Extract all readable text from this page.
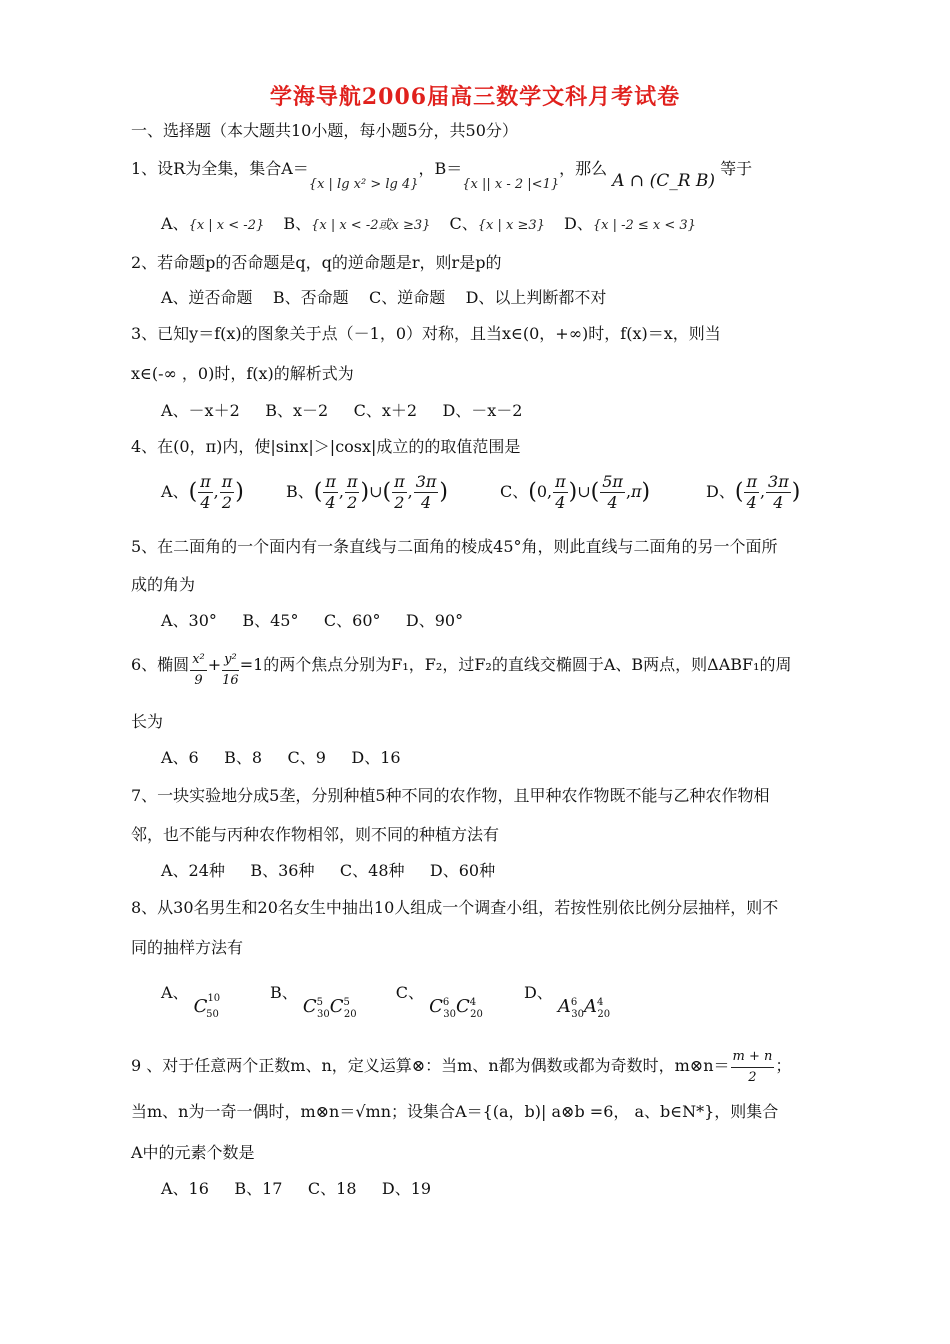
学海导航2006届高三数学文科月考试卷
一、选择题（本大题共10小题，每小题5分，共50分）
1、设R为全集，集合$A=_{\{x | lg x^2 > lg 4\}}$，$B=_{\{x || x - 2 |<1\}}$，那么 A ∩ (C_R B) 等于
A、{x | x < -2} B、{x | x < -2或x ≥3} C、{x | x ≥3} D、{x | -2 ≤ x < 3}
2、若命题p的否命题是q，q的逆命题是r，则r是p的
A、逆否命题    B、否命题    C、逆命题    D、以上判断都不对
3、已知y＝f(x)的图象关于点（－1，0）对称，且当x∈(0，+∞)时，f(x)＝x，则当
x∈(-∞ ，0)时，f(x)的解析式为
A、－x＋2     B、x－2     C、x＋2     D、－x－2
4、在(0，π)内，使|sinx|＞|cosx|成立的的取值范围是
A、( $\frac{\pi}{4}$ , $\frac{\pi}{2}$ )	B、( $\frac{\pi}{4}$ , $\frac{\pi}{2}$ )∪( $\frac{\pi}{2}$ , $\frac{3\pi}{4}$ )	C、(0, $\frac{\pi}{4}$ )∪( $\frac{5\pi}{4} ,\pi$)	D、( $\frac{\pi}{4}$ , $\frac{3\pi}{4}$ )
5、在二面角的一个面内有一条直线与二面角的棱成45°角，则此直线与二面角的另一个面所
成的角为
A、30°     B、45°     C、60°     D、90°
6、椭圆 $\frac{\text{x²}}{9} + \frac{\text{y²}}{16} =1$的两个焦点分别为F₁，F₂，过F₂的直线交椭圆于A、B两点，则ΔABF₁的周
长为
A、6     B、8     C、9     D、16
7、一块实验地分成5垄，分别种植5种不同的农作物，且甲种农作物既不能与乙种农作物相
邻，也不能与丙种农作物相邻，则不同的种植方法有
A、24种     B、36种     C、48种     D、60种
8、从30名男生和20名女生中抽出10人组成一个调查小组，若按性别依比例分层抽样，则不
同的抽样方法有
A、 $C^{10}_{50}$ B、 $C^5_{30}C^5_{20}$ C、 $C^6_{30}C^4_{20}$ D、 $A^6_{30}A^4_{20}$
9 、对于任意两个正数m、n，定义运算⊗：当m、n都为偶数或都为奇数时，m⊗n＝ $\frac{m + n}{2}$ ；
当m、n为一奇一偶时，m⊗n＝√mn；设集合A＝{(a，b)| a⊗b =6， a、b∈N*}，则集合
A中的元素个数是
A、16     B、17     C、18     D、19
